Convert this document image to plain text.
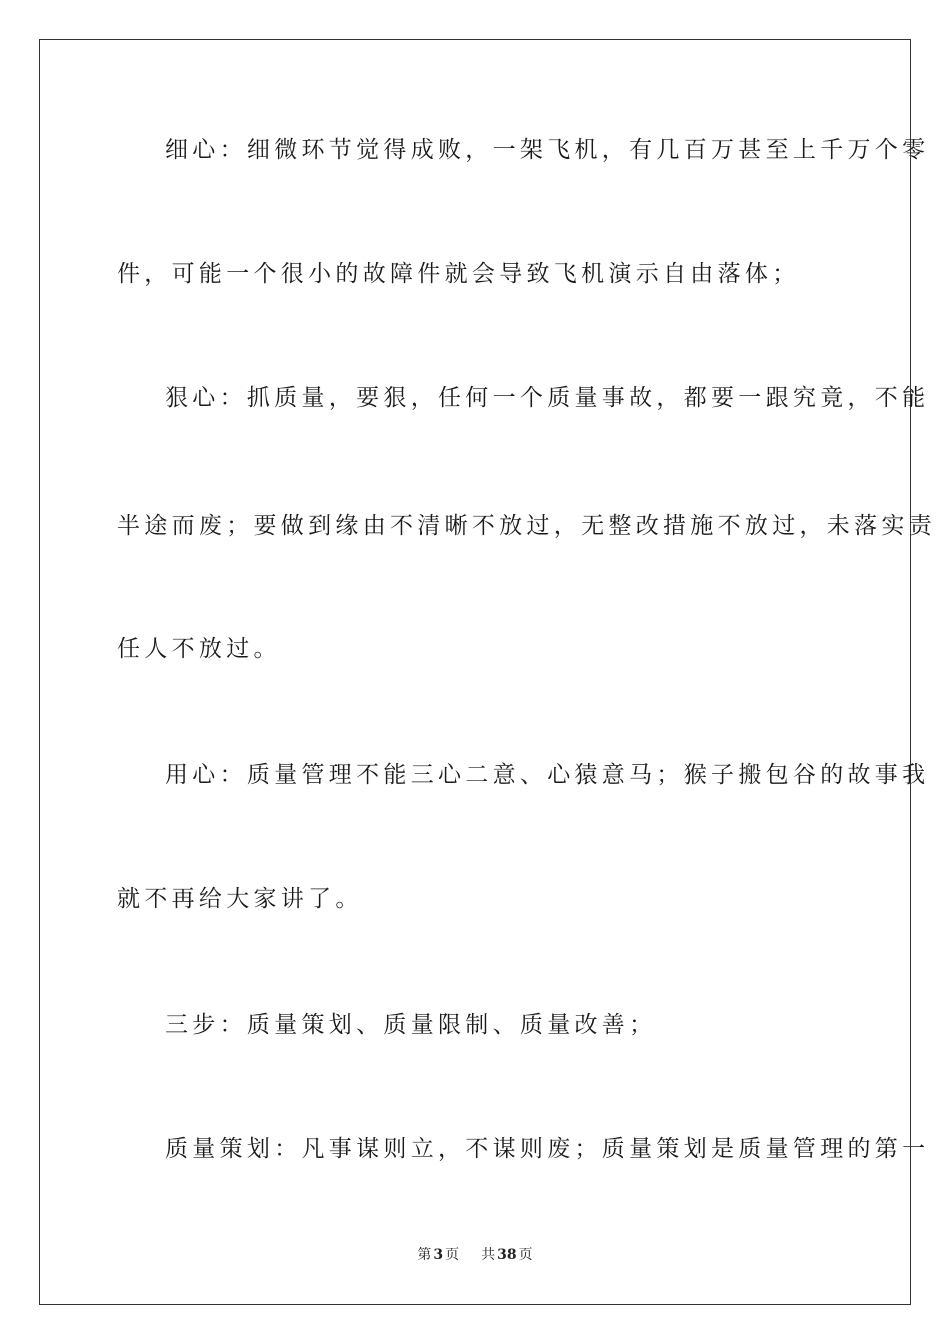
细心：细微环节觉得成败，一架飞机，有几百万甚至上千万个零
件，可能一个很小的故障件就会导致飞机演示自由落体；
狠心：抓质量，要狠，任何一个质量事故，都要一跟究竟，不能
半途而废；要做到缘由不清晰不放过，无整改措施不放过，未落实责
任人不放过。
用心：质量管理不能三心二意、心猿意马；猴子搬包谷的故事我
就不再给大家讲了。
三步：质量策划、质量限制、质量改善；
质量策划：凡事谋则立，不谋则废；质量策划是质量管理的第一
第 3 页 共 38 页
